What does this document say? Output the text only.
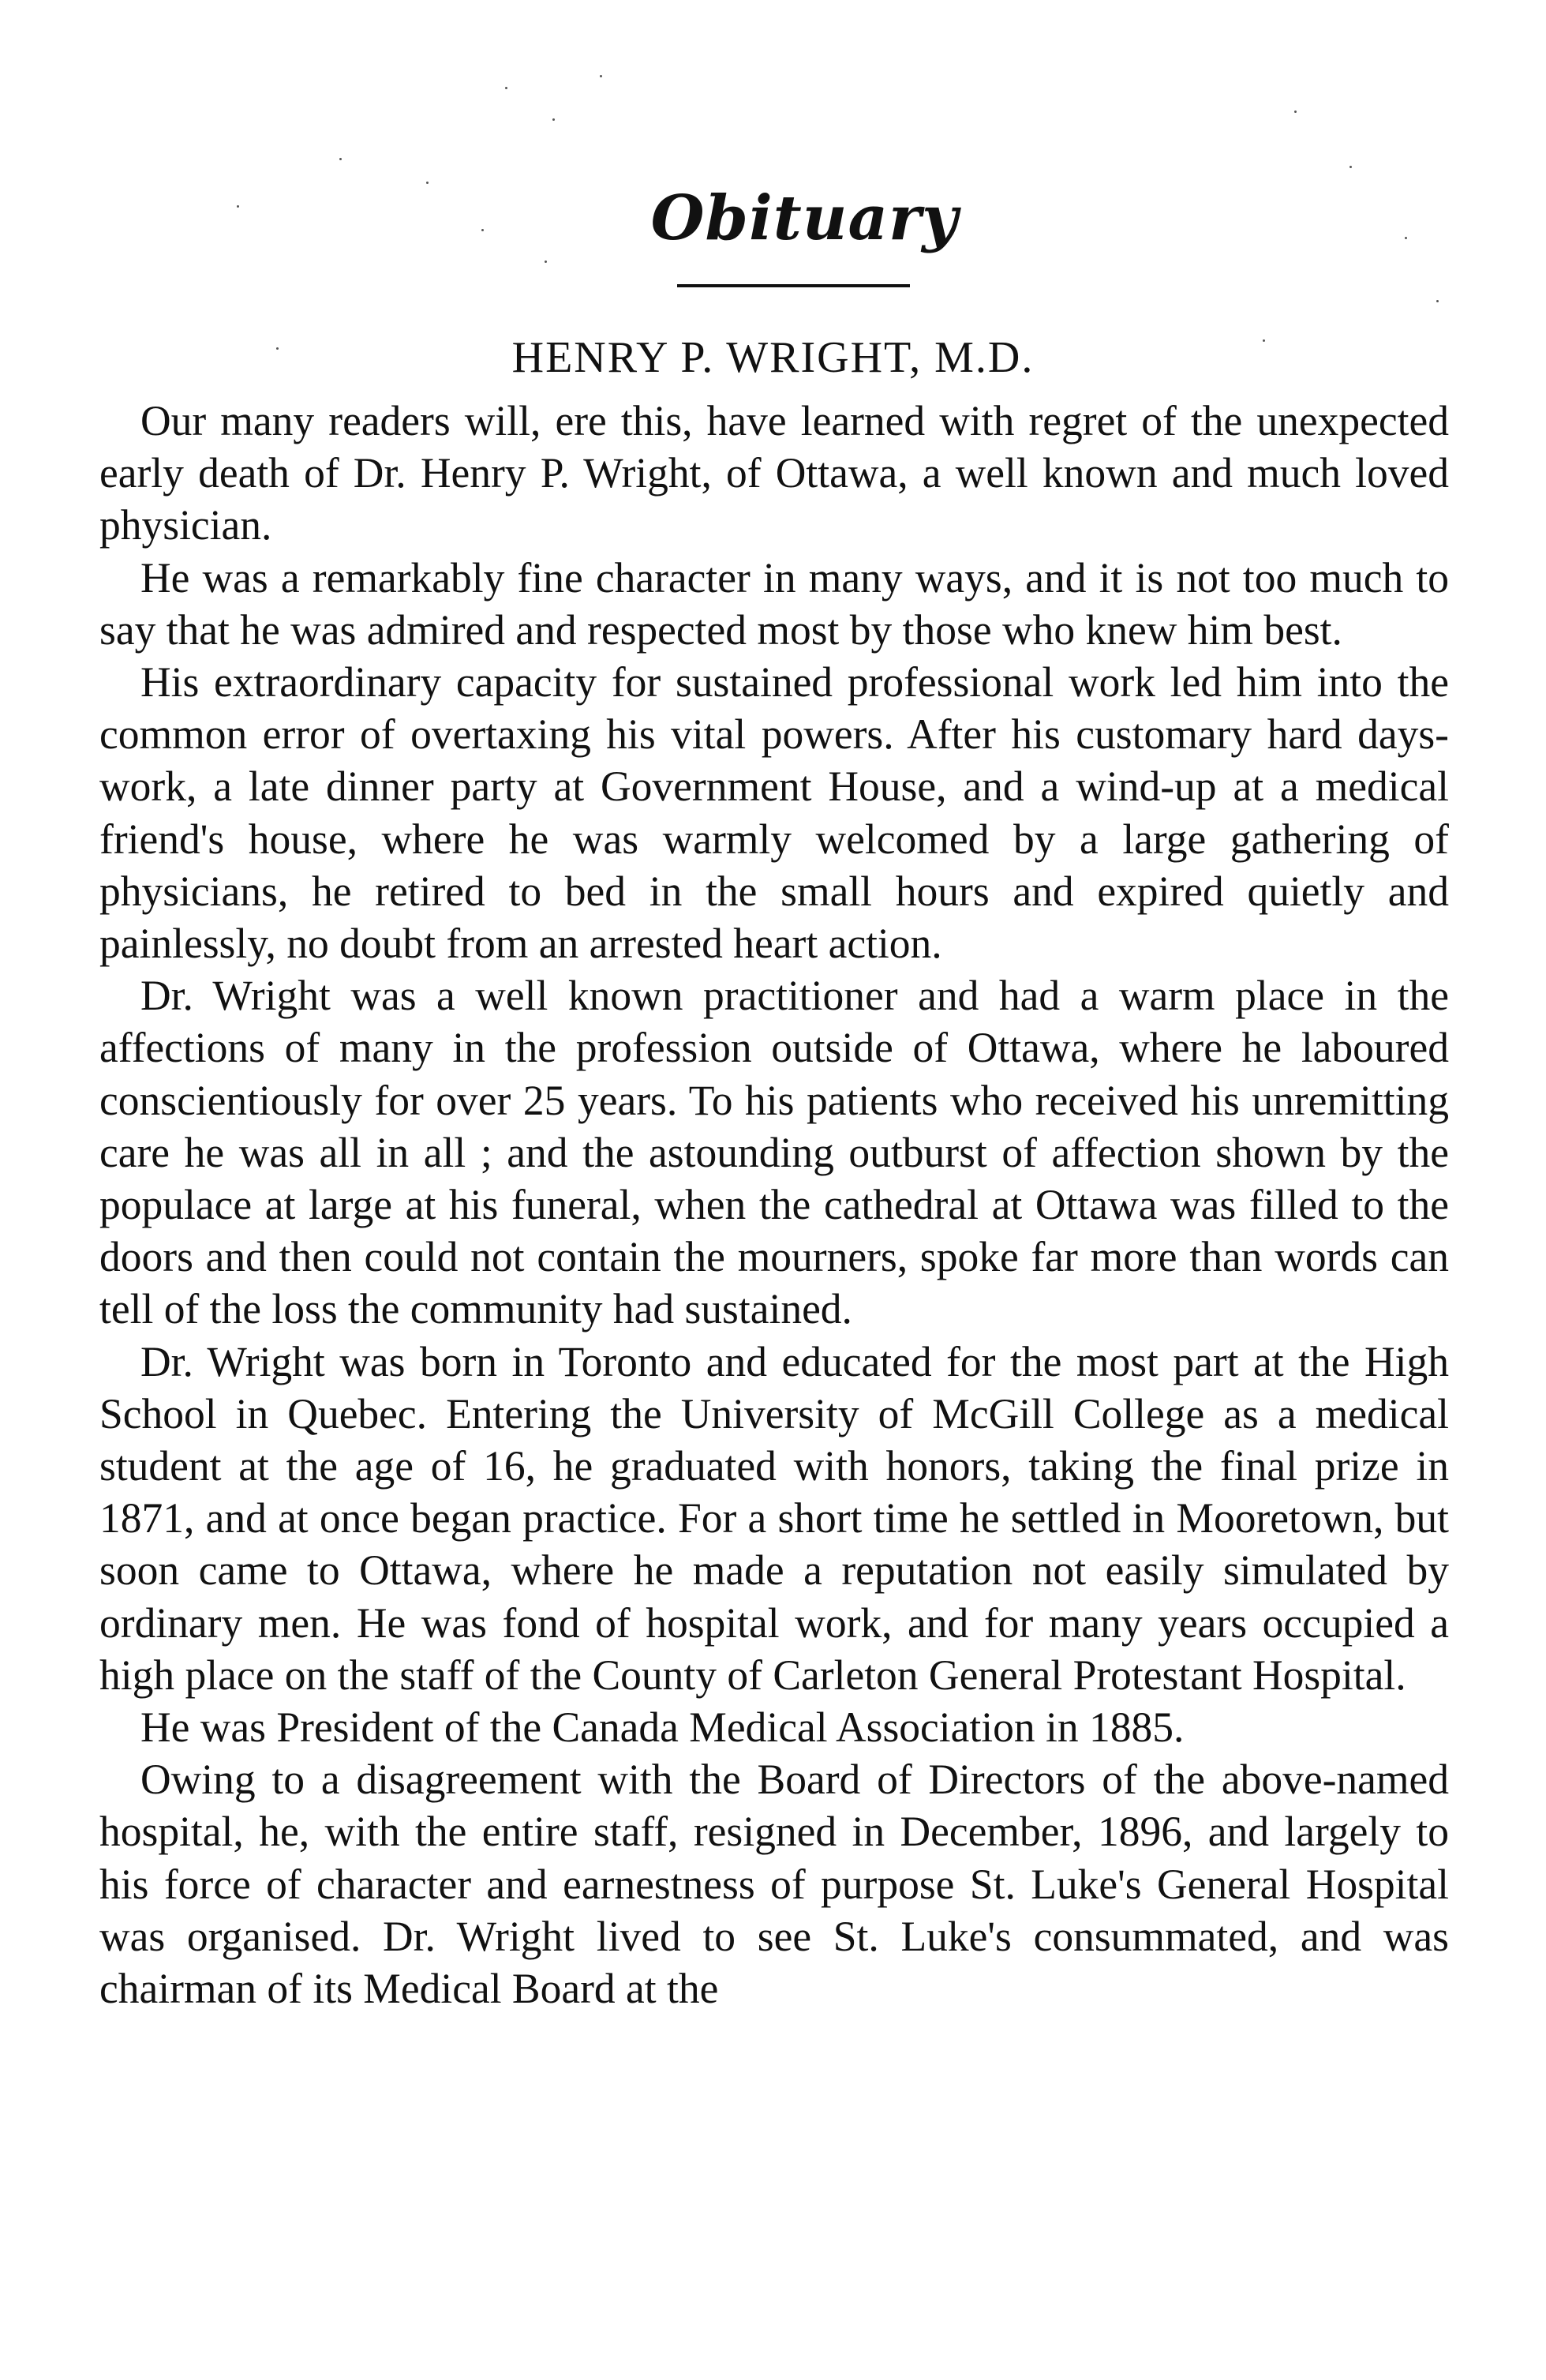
Obituary
HENRY P. WRIGHT, M.D.

Our many readers will, ere this, have learned with regret of the unexpected early death of Dr. Henry P. Wright, of Ottawa, a well known and much loved physician.

He was a remarkably fine character in many ways, and it is not too much to say that he was admired and respected most by those who knew him best.

His extraordinary capacity for sustained professional work led him into the common error of overtaxing his vital powers. After his customary hard days-work, a late dinner party at Government House, and a wind-up at a medical friend's house, where he was warmly welcomed by a large gathering of physicians, he retired to bed in the small hours and expired quietly and painlessly, no doubt from an arrested heart action.

Dr. Wright was a well known practitioner and had a warm place in the affections of many in the profession outside of Ottawa, where he laboured conscientiously for over 25 years. To his patients who received his unremitting care he was all in all ; and the astounding outburst of affection shown by the populace at large at his funeral, when the cathedral at Ottawa was filled to the doors and then could not contain the mourners, spoke far more than words can tell of the loss the community had sustained.

Dr. Wright was born in Toronto and educated for the most part at the High School in Quebec. Entering the University of McGill College as a medical student at the age of 16, he graduated with honors, taking the final prize in 1871, and at once began practice. For a short time he settled in Mooretown, but soon came to Ottawa, where he made a reputation not easily simulated by ordinary men. He was fond of hospital work, and for many years occupied a high place on the staff of the County of Carleton General Protestant Hospital.

He was President of the Canada Medical Association in 1885.

Owing to a disagreement with the Board of Directors of the above-named hospital, he, with the entire staff, resigned in December, 1896, and largely to his force of character and earnestness of purpose St. Luke's General Hospital was organised. Dr. Wright lived to see St. Luke's consummated, and was chairman of its Medical Board at the
